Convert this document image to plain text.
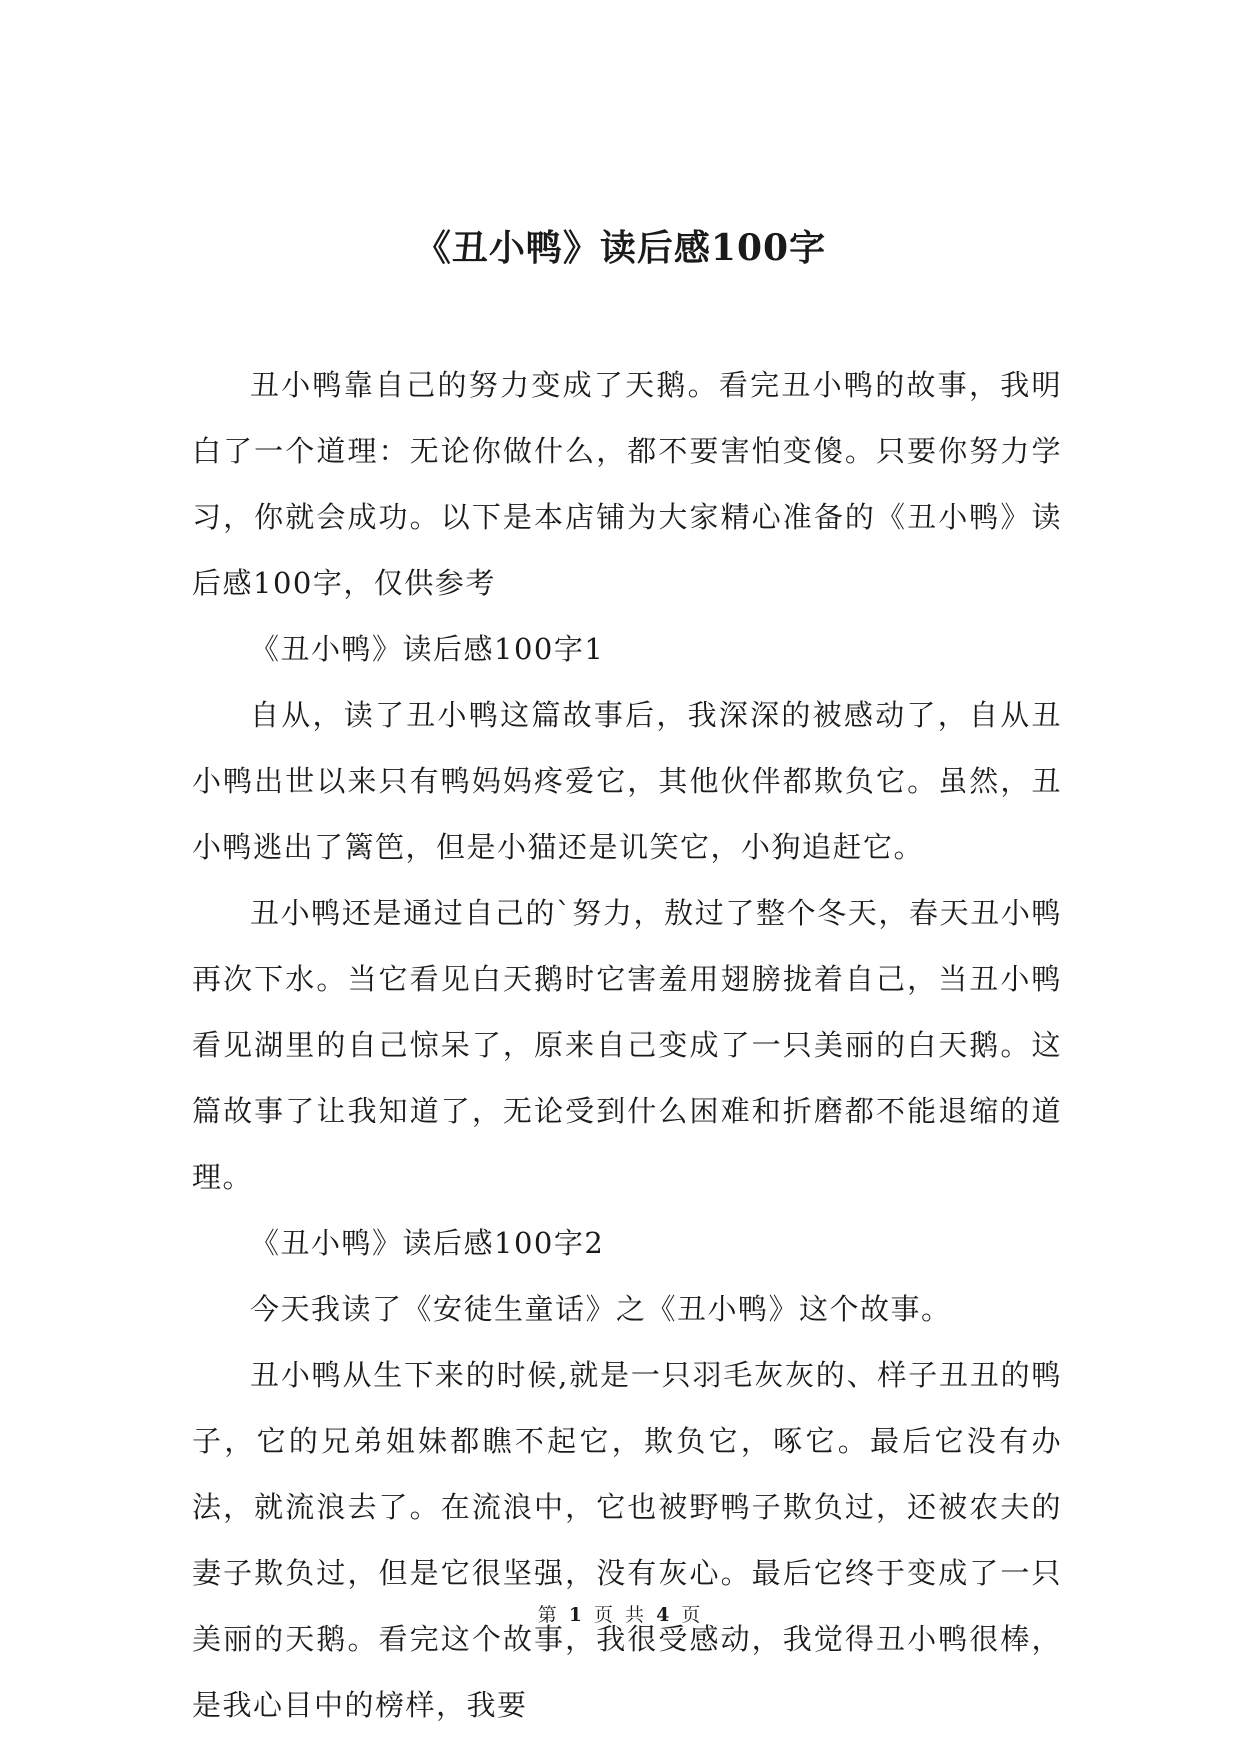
《丑小鸭》读后感100字

丑小鸭靠自己的努力变成了天鹅。看完丑小鸭的故事，我明白了一个道理：无论你做什么，都不要害怕变傻。只要你努力学习，你就会成功。以下是本店铺为大家精心准备的《丑小鸭》读后感100字，仅供参考

《丑小鸭》读后感100字1

自从，读了丑小鸭这篇故事后，我深深的被感动了，自从丑小鸭出世以来只有鸭妈妈疼爱它，其他伙伴都欺负它。虽然，丑小鸭逃出了篱笆，但是小猫还是讥笑它，小狗追赶它。

丑小鸭还是通过自己的`努力，敖过了整个冬天，春天丑小鸭再次下水。当它看见白天鹅时它害羞用翅膀拢着自己，当丑小鸭看见湖里的自己惊呆了，原来自己变成了一只美丽的白天鹅。这篇故事了让我知道了，无论受到什么困难和折磨都不能退缩的道理。

《丑小鸭》读后感100字2

今天我读了《安徒生童话》之《丑小鸭》这个故事。

丑小鸭从生下来的时候,就是一只羽毛灰灰的、样子丑丑的鸭子，它的兄弟姐妹都瞧不起它，欺负它，啄它。最后它没有办法，就流浪去了。在流浪中，它也被野鸭子欺负过，还被农夫的妻子欺负过，但是它很坚强，没有灰心。最后它终于变成了一只美丽的天鹅。看完这个故事，我很受感动，我觉得丑小鸭很棒，是我心目中的榜样，我要

第 1 页 共 4 页
